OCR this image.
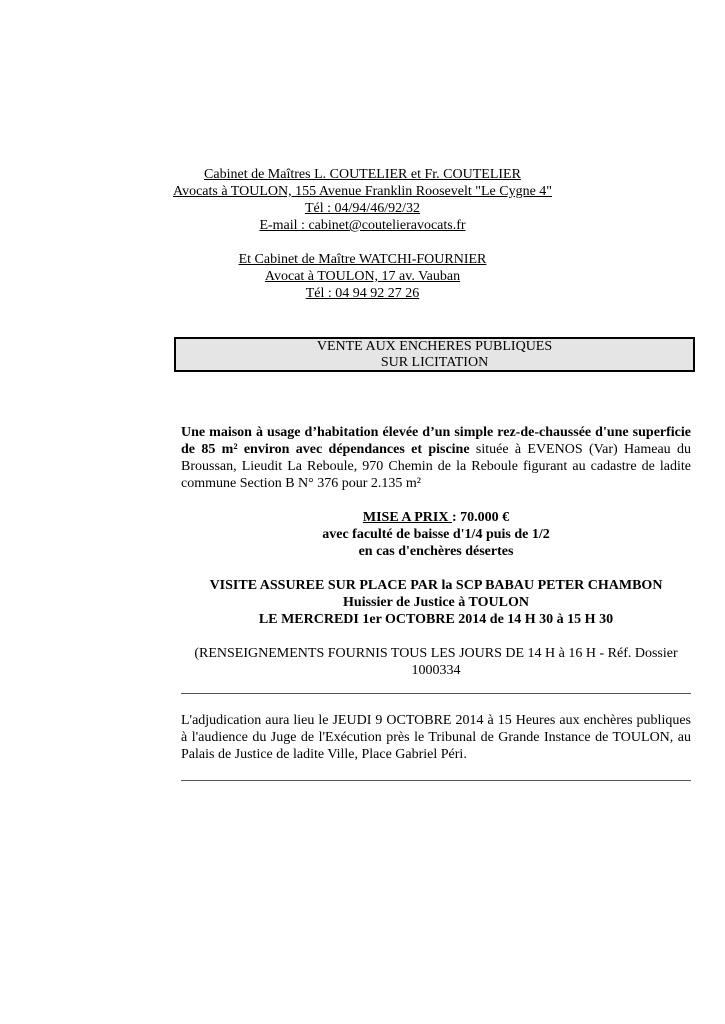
Cabinet de Maîtres L. COUTELIER et Fr. COUTELIER
Avocats à TOULON, 155 Avenue Franklin Roosevelt "Le Cygne 4"
Tél : 04/94/46/92/32
E-mail : cabinet@coutelieravocats.fr
Et Cabinet de Maître WATCHI-FOURNIER
Avocat à TOULON, 17 av. Vauban
Tél : 04 94 92 27 26
VENTE AUX ENCHERES PUBLIQUES
SUR LICITATION
Une maison à usage d’habitation élevée d’un simple rez-de-chaussée d'une superficie de 85 m² environ avec dépendances et piscine située à EVENOS (Var) Hameau du Broussan, Lieudit La Reboule, 970 Chemin de la Reboule figurant au cadastre de ladite commune Section B N° 376 pour 2.135 m²
MISE A PRIX : 70.000 €
avec faculté de baisse d'1/4 puis de 1/2
en cas d'enchères désertes
VISITE ASSUREE SUR PLACE PAR la SCP BABAU PETER CHAMBON
Huissier de Justice à TOULON
LE MERCREDI 1er OCTOBRE 2014 de 14 H 30 à 15 H 30
(RENSEIGNEMENTS FOURNIS TOUS LES JOURS DE 14 H à 16 H - Réf. Dossier 1000334
L'adjudication aura lieu le JEUDI 9 OCTOBRE 2014 à 15 Heures aux enchères publiques à l'audience du Juge de l'Exécution près le Tribunal de Grande Instance de TOULON, au Palais de Justice de ladite Ville, Place Gabriel Péri.
